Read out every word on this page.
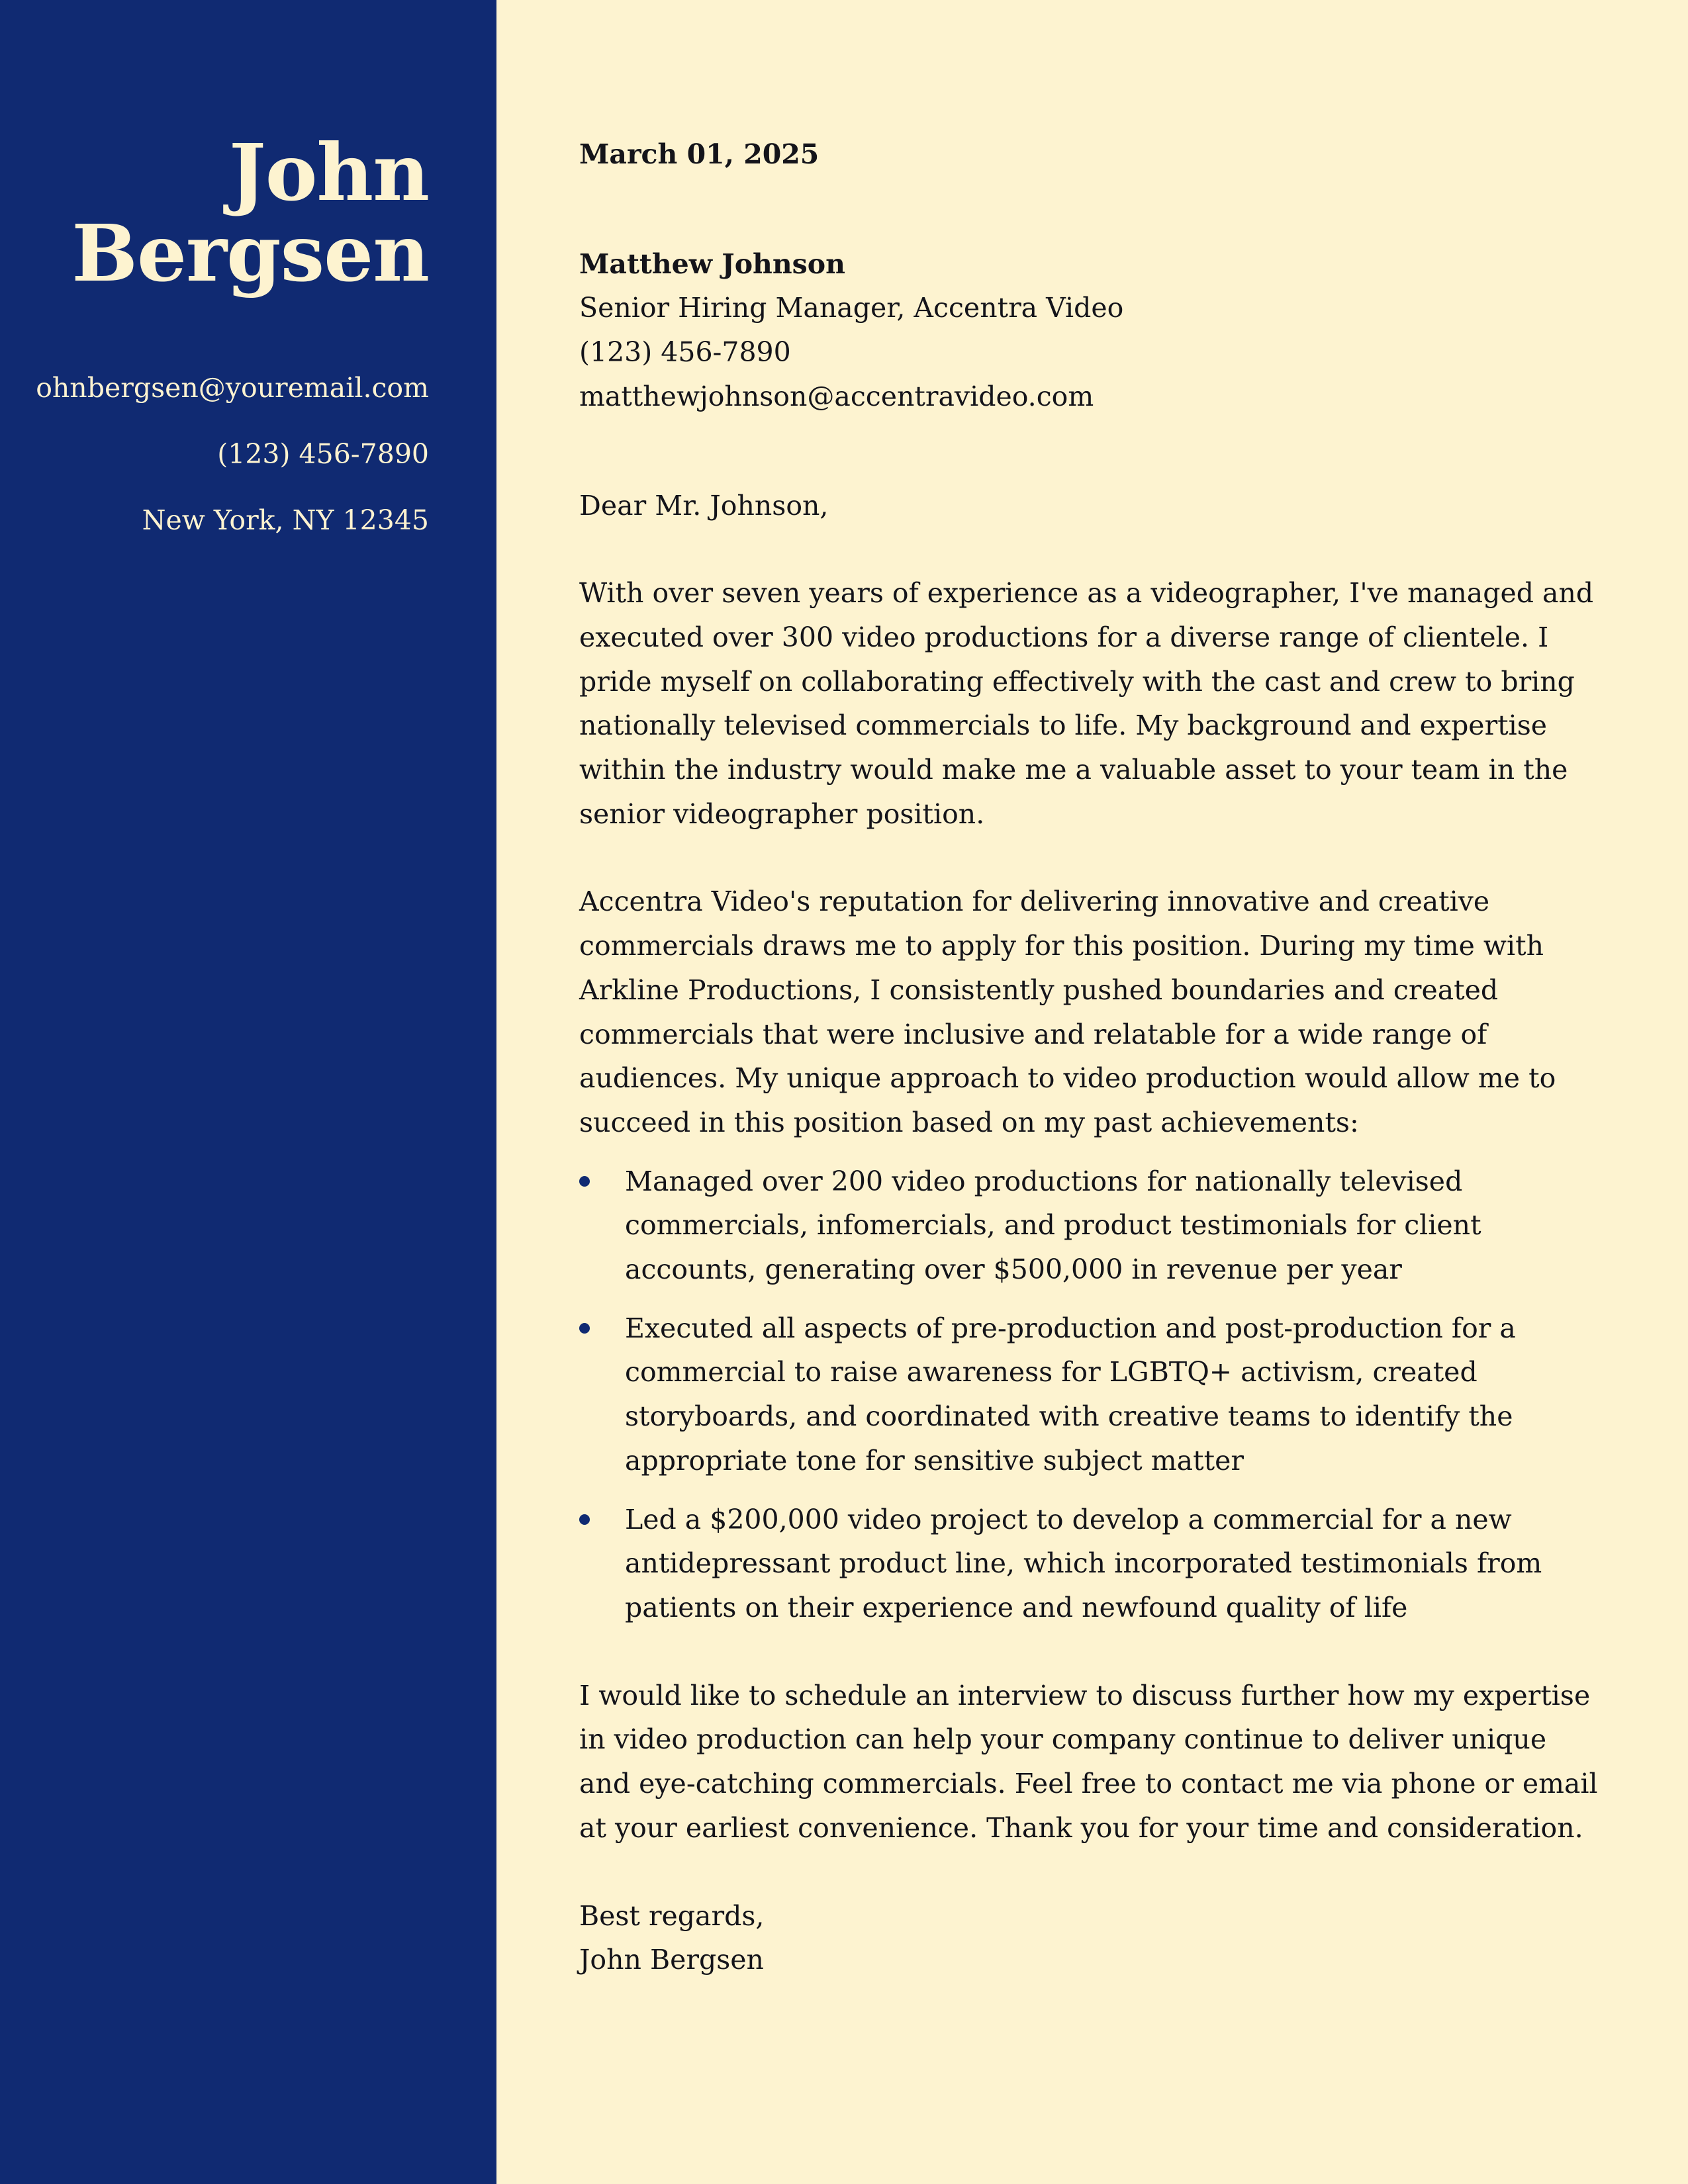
John
Bergsen
ohnbergsen@youremail.com
(123) 456-7890
New York, NY 12345
March 01, 2025
Matthew Johnson
Senior Hiring Manager, Accentra Video
(123) 456-7890
matthewjohnson@accentravideo.com
Dear Mr. Johnson,

With over seven years of experience as a videographer, I've managed and executed over 300 video productions for a diverse range of clientele. I pride myself on collaborating effectively with the cast and crew to bring nationally televised commercials to life. My background and expertise within the industry would make me a valuable asset to your team in the senior videographer position.

Accentra Video's reputation for delivering innovative and creative commercials draws me to apply for this position. During my time with Arkline Productions, I consistently pushed boundaries and created commercials that were inclusive and relatable for a wide range of audiences. My unique approach to video production would allow me to succeed in this position based on my past achievements:

Managed over 200 video productions for nationally televised commercials, infomercials, and product testimonials for client accounts, generating over $500,000 in revenue per year
Executed all aspects of pre-production and post-production for a commercial to raise awareness for LGBTQ+ activism, created storyboards, and coordinated with creative teams to identify the appropriate tone for sensitive subject matter
Led a $200,000 video project to develop a commercial for a new antidepressant product line, which incorporated testimonials from patients on their experience and newfound quality of life

I would like to schedule an interview to discuss further how my expertise in video production can help your company continue to deliver unique and eye-catching commercials. Feel free to contact me via phone or email at your earliest convenience. Thank you for your time and consideration.

Best regards,
John Bergsen
